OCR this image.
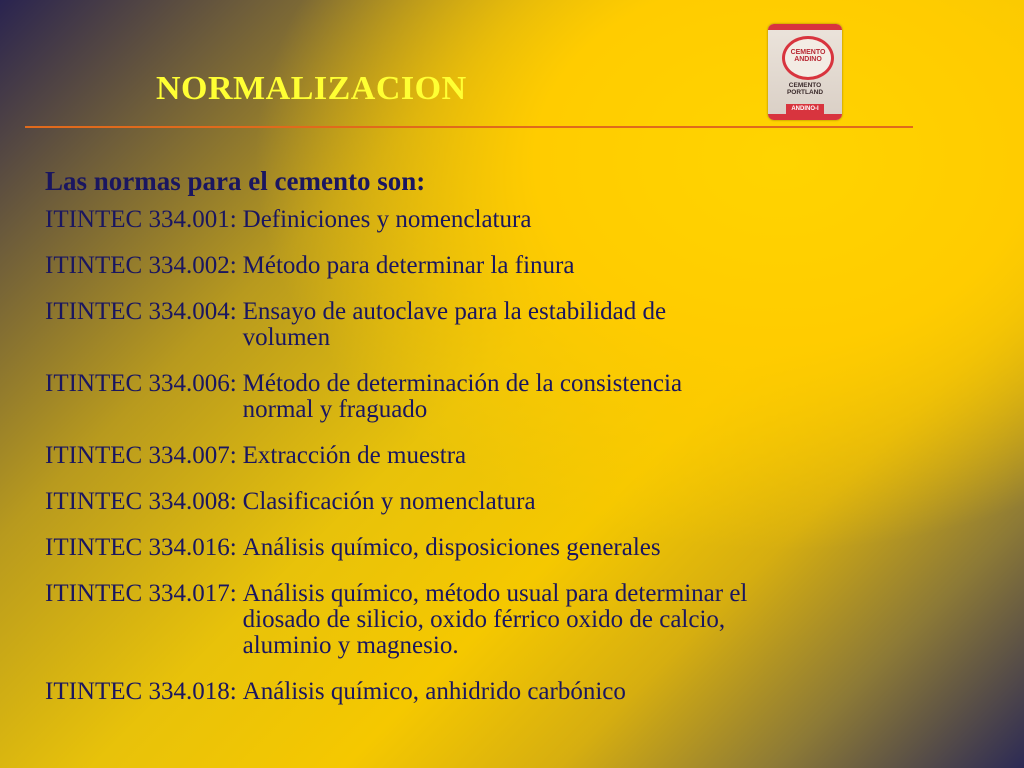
NORMALIZACION
CEMENTO ANDINO
CEMENTO PORTLAND
ANDINO-I
Las normas para el cemento son:
ITINTEC 334.001: Definiciones y nomenclatura
ITINTEC 334.002: Método para determinar la finura
ITINTEC 334.004: Ensayo de autoclave para la estabilidad de
volumen
ITINTEC 334.006: Método de determinación de la consistencia
normal y fraguado
ITINTEC 334.007: Extracción de muestra
ITINTEC 334.008: Clasificación y nomenclatura
ITINTEC 334.016: Análisis químico, disposiciones generales
ITINTEC 334.017: Análisis químico, método usual para determinar el
diosado de silicio, oxido férrico oxido de calcio,
aluminio y magnesio.
ITINTEC 334.018: Análisis químico, anhidrido carbónico
